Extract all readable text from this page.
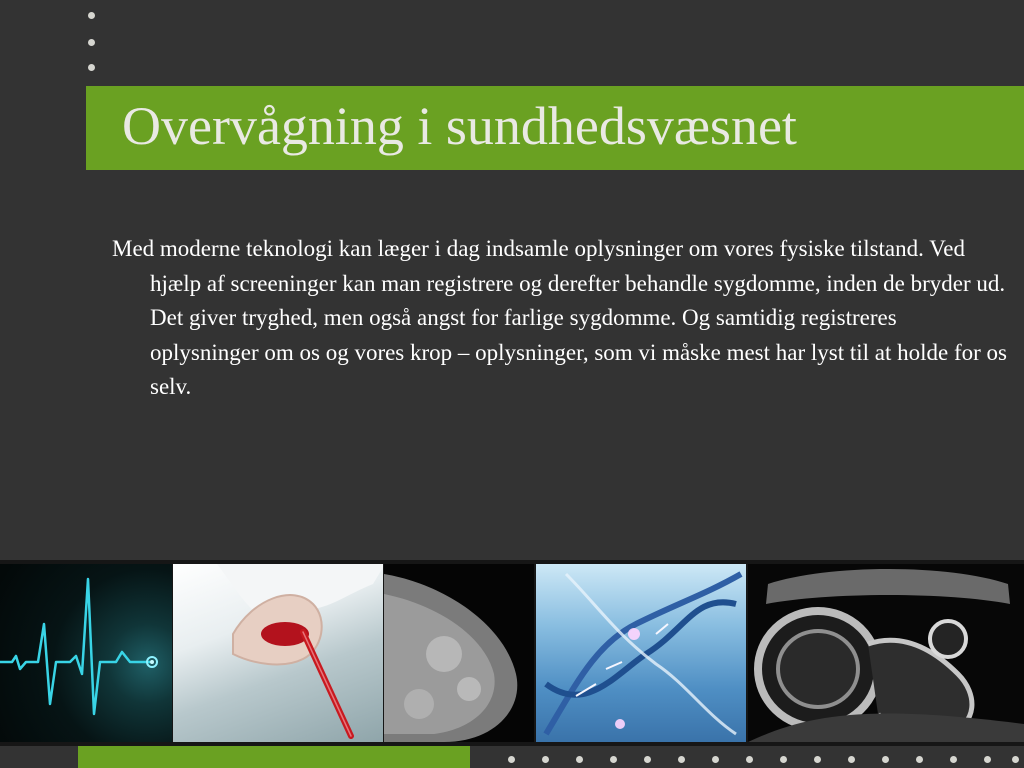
Overvågning i sundhedsvæsnet

Med moderne teknologi kan læger i dag indsamle oplysninger om vores fysiske tilstand. Ved hjælp af screeninger kan man registrere og derefter behandle sygdomme, inden de bryder ud. Det giver tryghed, men også angst for farlige sygdomme. Og samtidig registreres oplysninger om os og vores krop – oplysninger, som vi måske mest har lyst til at holde for os selv.
